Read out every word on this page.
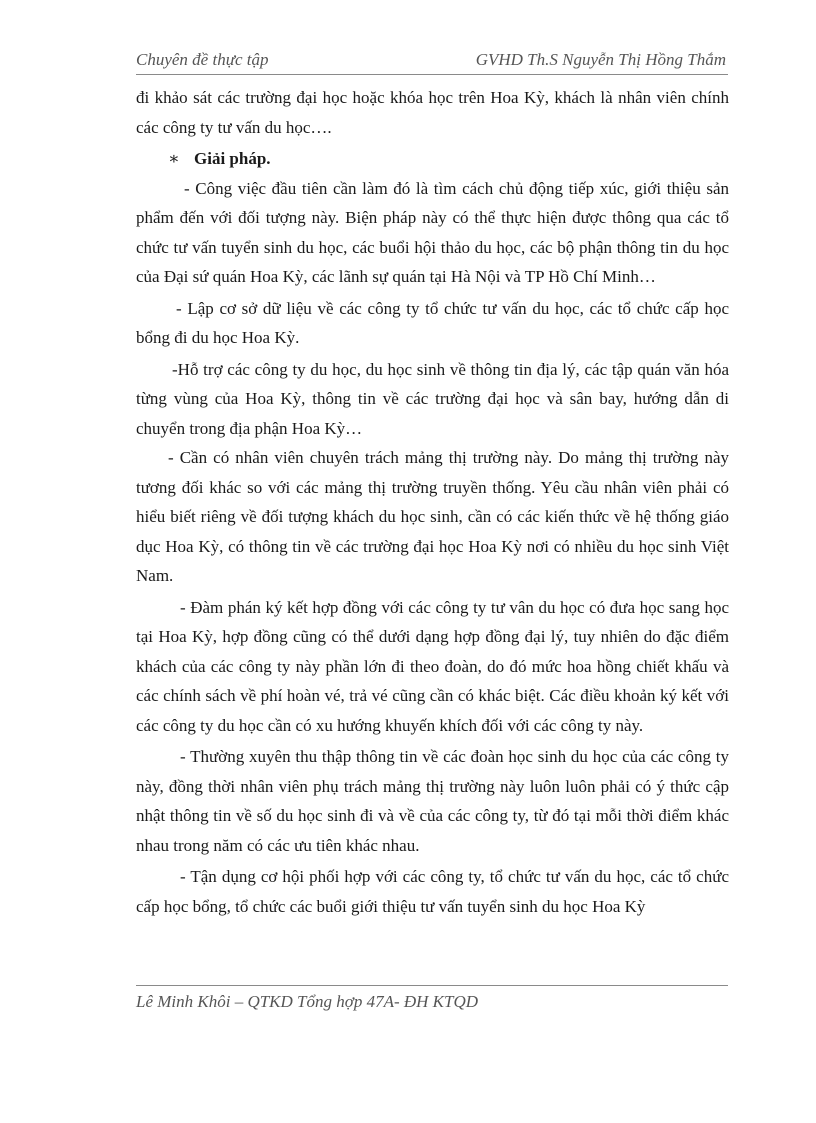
Chuyên đề thực tập	GVHD Th.S Nguyễn Thị Hồng Thắm

đi khảo sát các trường đại học hoặc khóa học trên Hoa Kỳ, khách là nhân viên chính các công ty tư vấn du học….

∗ Giải pháp.

- Công việc đầu tiên cần làm đó là tìm cách chủ động tiếp xúc, giới thiệu sản phẩm đến với đối tượng này. Biện pháp này có thể thực hiện được thông qua các tổ chức tư vấn tuyển sinh du học, các buổi hội thảo du học, các bộ phận thông tin du học của Đại sứ quán Hoa Kỳ, các lãnh sự quán tại Hà Nội và TP Hồ Chí Minh…

- Lập cơ sở dữ liệu về các công ty tổ chức tư vấn du học, các tổ chức cấp học bổng đi du học Hoa Kỳ.

-Hỗ trợ các công ty du học, du học sinh về thông tin địa lý, các tập quán văn hóa từng vùng của Hoa Kỳ, thông tin về các trường đại học và sân bay, hướng dẫn di chuyển trong địa phận Hoa Kỳ…

- Cần có nhân viên chuyên trách mảng thị trường này. Do mảng thị trường này tương đối khác so với các mảng thị trường truyền thống. Yêu cầu nhân viên phải có hiểu biết riêng về đối tượng khách du học sinh, cần có các kiến thức về hệ thống giáo dục Hoa Kỳ, có thông tin về các trường đại học Hoa Kỳ nơi có nhiều du học sinh Việt Nam.

- Đàm phán ký kết hợp đồng với các công ty tư vân du học có đưa học sang học tại Hoa Kỳ, hợp đồng cũng có thể dưới dạng hợp đồng đại lý, tuy nhiên do đặc điểm khách của các công ty này phần lớn đi theo đoàn, do đó mức hoa hồng chiết khấu và các chính sách về phí hoàn vé, trả vé cũng cần có khác biệt. Các điều khoản ký kết với các công ty du học cần có xu hướng khuyến khích đối với các công ty này.

- Thường xuyên thu thập thông tin về các đoàn học sinh du học của các công ty này, đồng thời nhân viên phụ trách mảng thị trường này luôn luôn phải có ý thức cập nhật thông tin về số du học sinh đi và về của các công ty, từ đó tại mỗi thời điểm khác nhau trong năm có các ưu tiên khác nhau.

- Tận dụng cơ hội phối hợp với các công ty, tổ chức tư vấn du học, các tổ chức cấp học bổng, tổ chức các buổi giới thiệu tư vấn tuyển sinh du học Hoa Kỳ

Lê Minh Khôi – QTKD Tổng hợp 47A- ĐH KTQD
